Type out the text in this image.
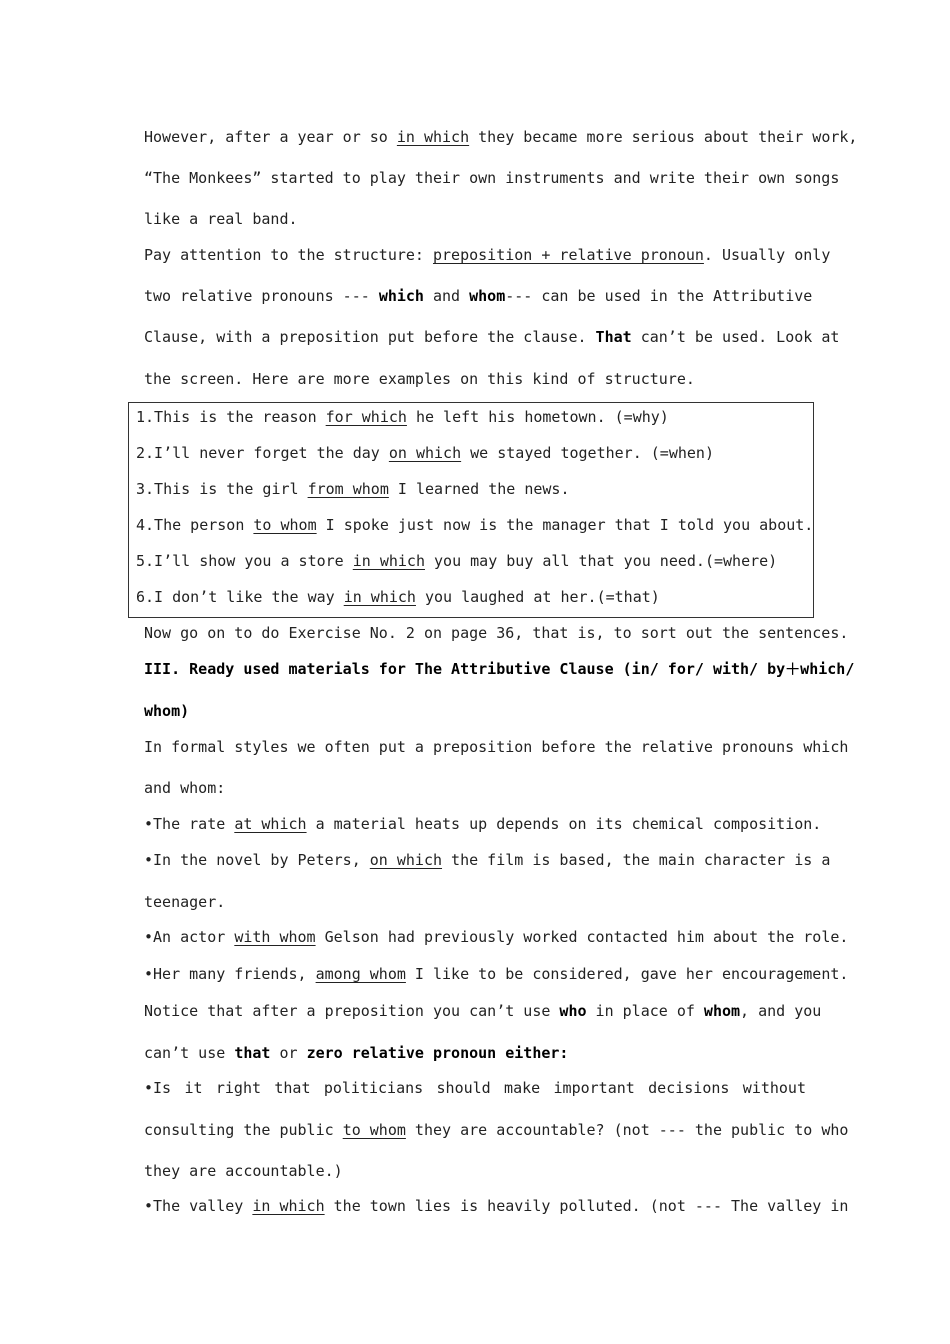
However, after a year or so in which they became more serious about their work,
“The Monkees” started to play their own instruments and write their own songs
like a real band.
Pay attention to the structure: preposition + relative pronoun. Usually only
two relative pronouns --- which and whom--- can be used in the Attributive
Clause, with a preposition put before the clause. That can’t be used. Look at
the screen. Here are more examples on this kind of structure.
1.This is the reason for which he left his hometown. (=why)
2.I’ll never forget the day on which we stayed together. (=when)
3.This is the girl from whom I learned the news.
4.The person to whom I spoke just now is the manager that I told you about.
5.I’ll show you a store in which you may buy all that you need.(=where)
6.I don’t like the way in which you laughed at her.(=that)
Now go on to do Exercise No. 2 on page 36, that is, to sort out the sentences.
III. Ready used materials for The Attributive Clause (in/ for/ with/ by＋which/
whom)
In formal styles we often put a preposition before the relative pronouns which
and whom:
•The rate at which a material heats up depends on its chemical composition.
•In the novel by Peters, on which the film is based, the main character is a
teenager.
•An actor with whom Gelson had previously worked contacted him about the role.
•Her many friends, among whom I like to be considered, gave her encouragement.
Notice that after a preposition you can’t use who in place of whom, and you
can’t use that or zero relative pronoun either:
•Is it right that politicians should make important decisions without
consulting the public to whom they are accountable? (not --- the public to who
they are accountable.)
•The valley in which the town lies is heavily polluted. (not --- The valley in
